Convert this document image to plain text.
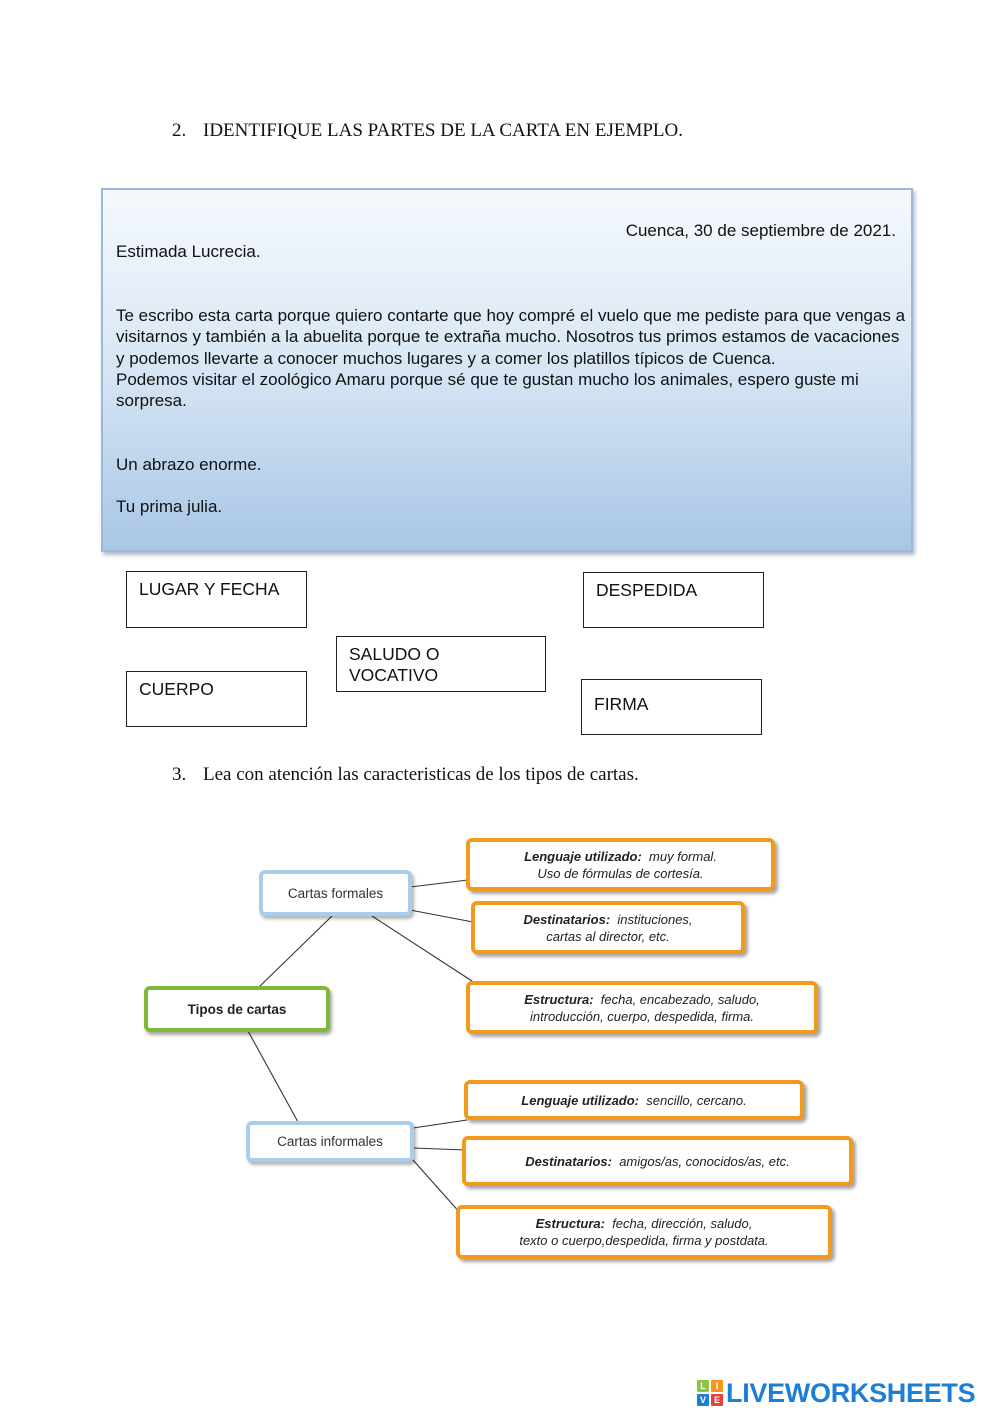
2. IDENTIFIQUE LAS PARTES DE LA CARTA EN EJEMPLO.
Cuenca, 30 de septiembre de 2021.
Estimada Lucrecia.

Te escribo esta carta porque quiero contarte que hoy compré el vuelo que me pediste para que vengas a visitarnos y también a la abuelita porque te extraña mucho. Nosotros tus primos estamos de vacaciones y podemos llevarte a conocer muchos lugares y a comer los platillos típicos de Cuenca.

Podemos visitar el zoológico Amaru porque sé que te gustan mucho los animales, espero guste mi sorpresa.

Un abrazo enorme.
Tu prima julia.
LUGAR Y FECHA	DESPEDIDA
SALUDO O VOCATIVO
CUERPO
FIRMA
3. Lea con atención las caracteristicas de los tipos de cartas.
Tipos de cartas
Cartas formales
Cartas informales
Lenguaje utilizado: muy formal.
Uso de fórmulas de cortesía.
Destinatarios: instituciones,
cartas al director, etc.
Estructura: fecha, encabezado, saludo,
introducción, cuerpo, despedida, firma.
Lenguaje utilizado: sencillo, cercano.
Destinatarios: amigos/as, conocidos/as, etc.
Estructura: fecha, dirección, saludo,
texto o cuerpo,despedida, firma y postdata.
L	I
V E LIVEWORKSHEETS
